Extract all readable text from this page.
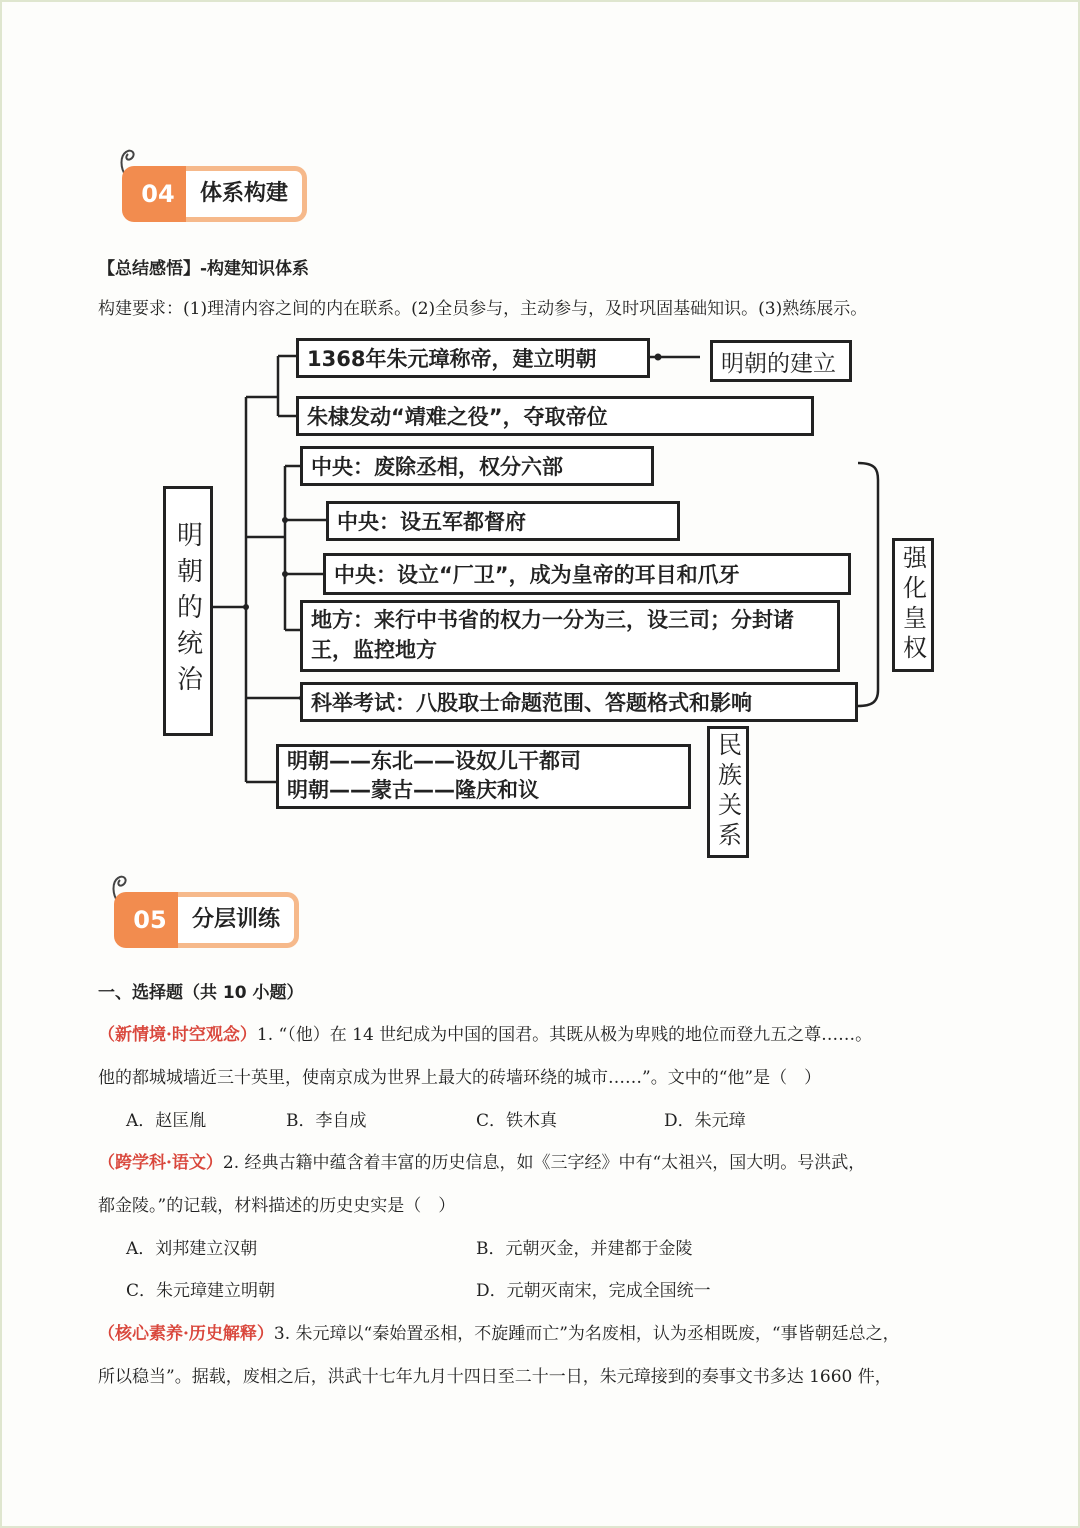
04	体系构建
【总结感悟】-构建知识体系
构建要求：(1)理清内容之间的内在联系。(2)全员参与，主动参与，及时巩固基础知识。(3)熟练展示。
明朝的统治
1368年朱元璋称帝，建立明朝
朱棣发动“靖难之役”，夺取帝位
明朝的建立
中央：废除丞相，权分六部
中央：设五军都督府
中央：设立“厂卫”，成为皇帝的耳目和爪牙
地方：来行中书省的权力一分为三，设三司；分封诸王，监控地方
科举考试：八股取士命题范围、答题格式和影响
强化皇权
明朝——东北——设奴儿干都司
明朝——蒙古——隆庆和议	民族关系
05	分层训练
一、选择题（共 10 小题）
（新情境·时空观念）1. “（他）在 14 世纪成为中国的国君。其既从极为卑贱的地位而登九五之尊……。
他的都城城墙近三十英里，使南京成为世界上最大的砖墙环绕的城市……”。文中的“他”是（　）
A．赵匡胤	B．李自成	C．铁木真	D．朱元璋
（跨学科·语文）2. 经典古籍中蕴含着丰富的历史信息，如《三字经》中有“太祖兴，国大明。号洪武，
都金陵。”的记载，材料描述的历史史实是（　）
A．刘邦建立汉朝	B．元朝灭金，并建都于金陵
C．朱元璋建立明朝	D．元朝灭南宋，完成全国统一
（核心素养·历史解释）3. 朱元璋以“秦始置丞相，不旋踵而亡”为名废相，认为丞相既废，“事皆朝廷总之，
所以稳当”。据载，废相之后，洪武十七年九月十四日至二十一日，朱元璋接到的奏事文书多达 1660 件，
